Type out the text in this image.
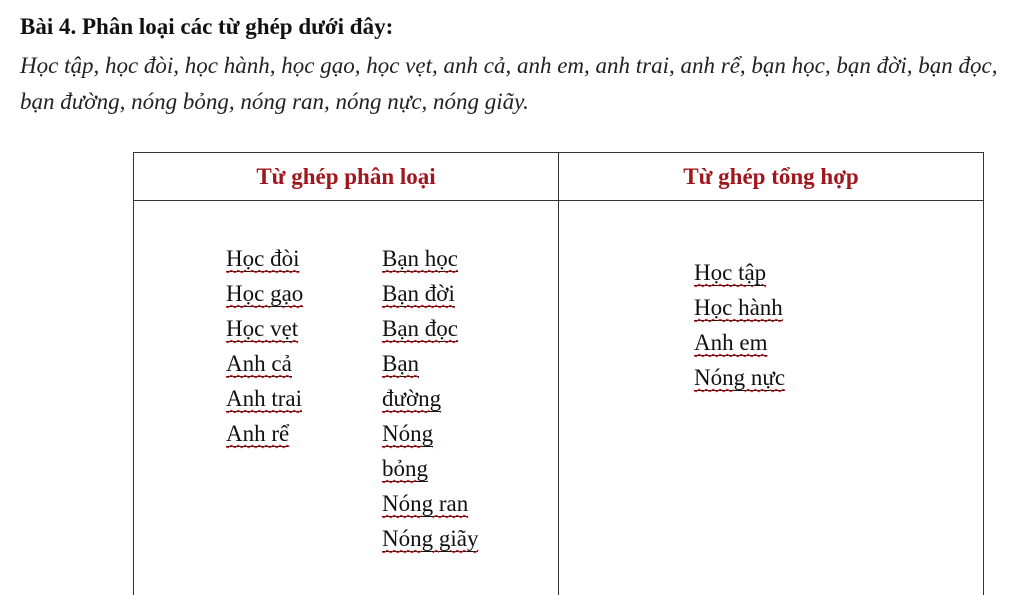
Bài 4. Phân loại các từ ghép dưới đây:
Học tập, học đòi, học hành, học gạo, học vẹt, anh cả, anh em, anh trai, anh rể, bạn học, bạn đời, bạn đọc, bạn đường, nóng bỏng, nóng ran, nóng nực, nóng giãy.
Từ ghép phân loại	Từ ghép tổng hợp
Học đòi
Học gạo
Học vẹt
Anh cả
Anh trai
Anh rể
Bạn học
Bạn đời
Bạn đọc
Bạn
đường
Nóng
bỏng
Nóng ran
Nóng giãy
Học tập
Học hành
Anh em
Nóng nực
